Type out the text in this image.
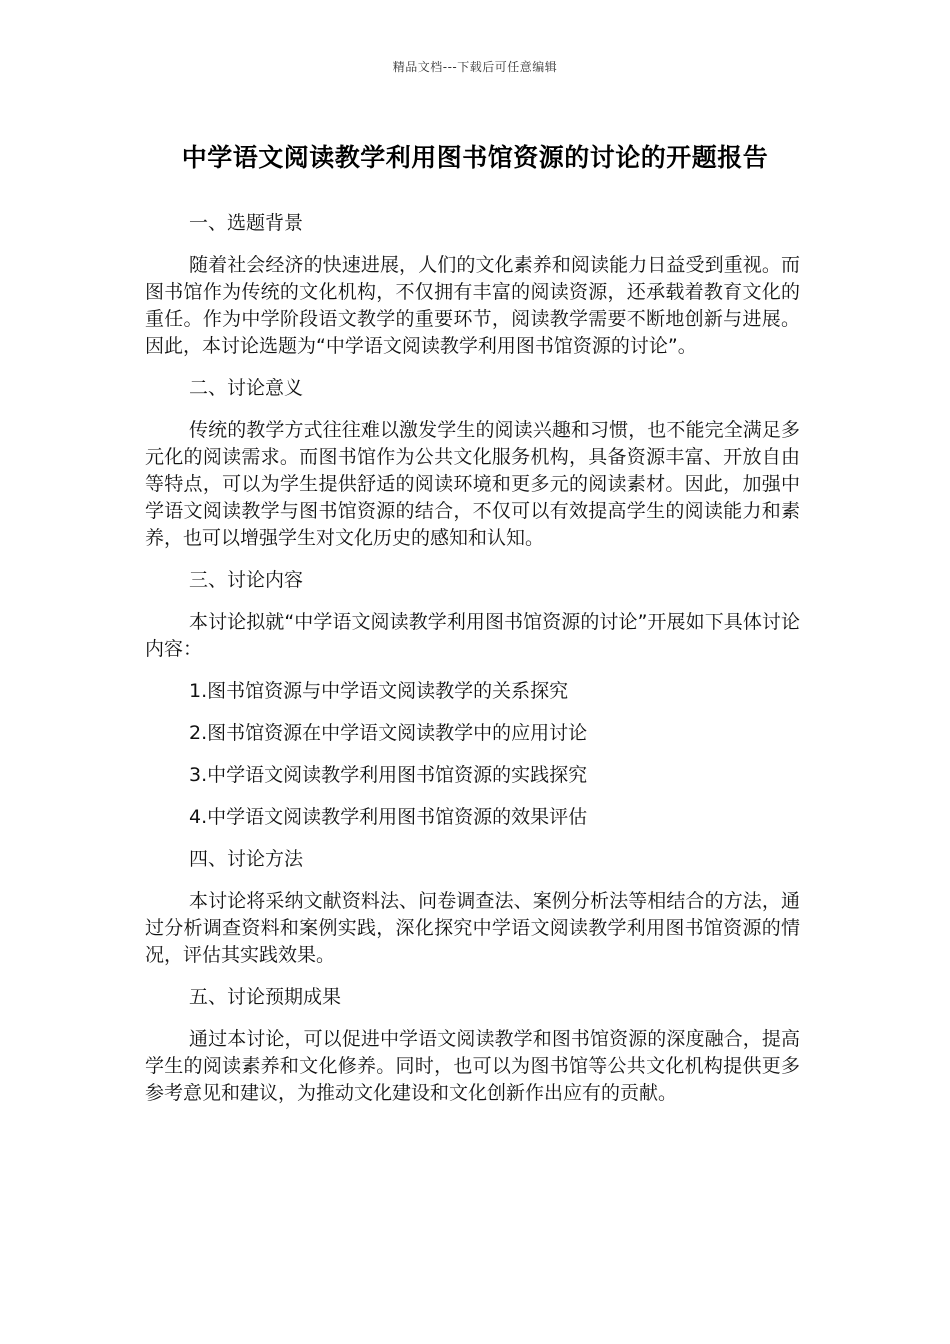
精品文档---下载后可任意编辑
中学语文阅读教学利用图书馆资源的讨论的开题报告
一、选题背景
随着社会经济的快速进展，人们的文化素养和阅读能力日益受到重视。而图书馆作为传统的文化机构，不仅拥有丰富的阅读资源，还承载着教育文化的重任。作为中学阶段语文教学的重要环节，阅读教学需要不断地创新与进展。因此，本讨论选题为“中学语文阅读教学利用图书馆资源的讨论”。
二、讨论意义
传统的教学方式往往难以激发学生的阅读兴趣和习惯，也不能完全满足多元化的阅读需求。而图书馆作为公共文化服务机构，具备资源丰富、开放自由等特点，可以为学生提供舒适的阅读环境和更多元的阅读素材。因此，加强中学语文阅读教学与图书馆资源的结合，不仅可以有效提高学生的阅读能力和素养，也可以增强学生对文化历史的感知和认知。
三、讨论内容
本讨论拟就“中学语文阅读教学利用图书馆资源的讨论”开展如下具体讨论内容：
1.图书馆资源与中学语文阅读教学的关系探究
2.图书馆资源在中学语文阅读教学中的应用讨论
3.中学语文阅读教学利用图书馆资源的实践探究
4.中学语文阅读教学利用图书馆资源的效果评估
四、讨论方法
本讨论将采纳文献资料法、问卷调查法、案例分析法等相结合的方法，通过分析调查资料和案例实践，深化探究中学语文阅读教学利用图书馆资源的情况，评估其实践效果。
五、讨论预期成果
通过本讨论，可以促进中学语文阅读教学和图书馆资源的深度融合，提高学生的阅读素养和文化修养。同时，也可以为图书馆等公共文化机构提供更多参考意见和建议，为推动文化建设和文化创新作出应有的贡献。
